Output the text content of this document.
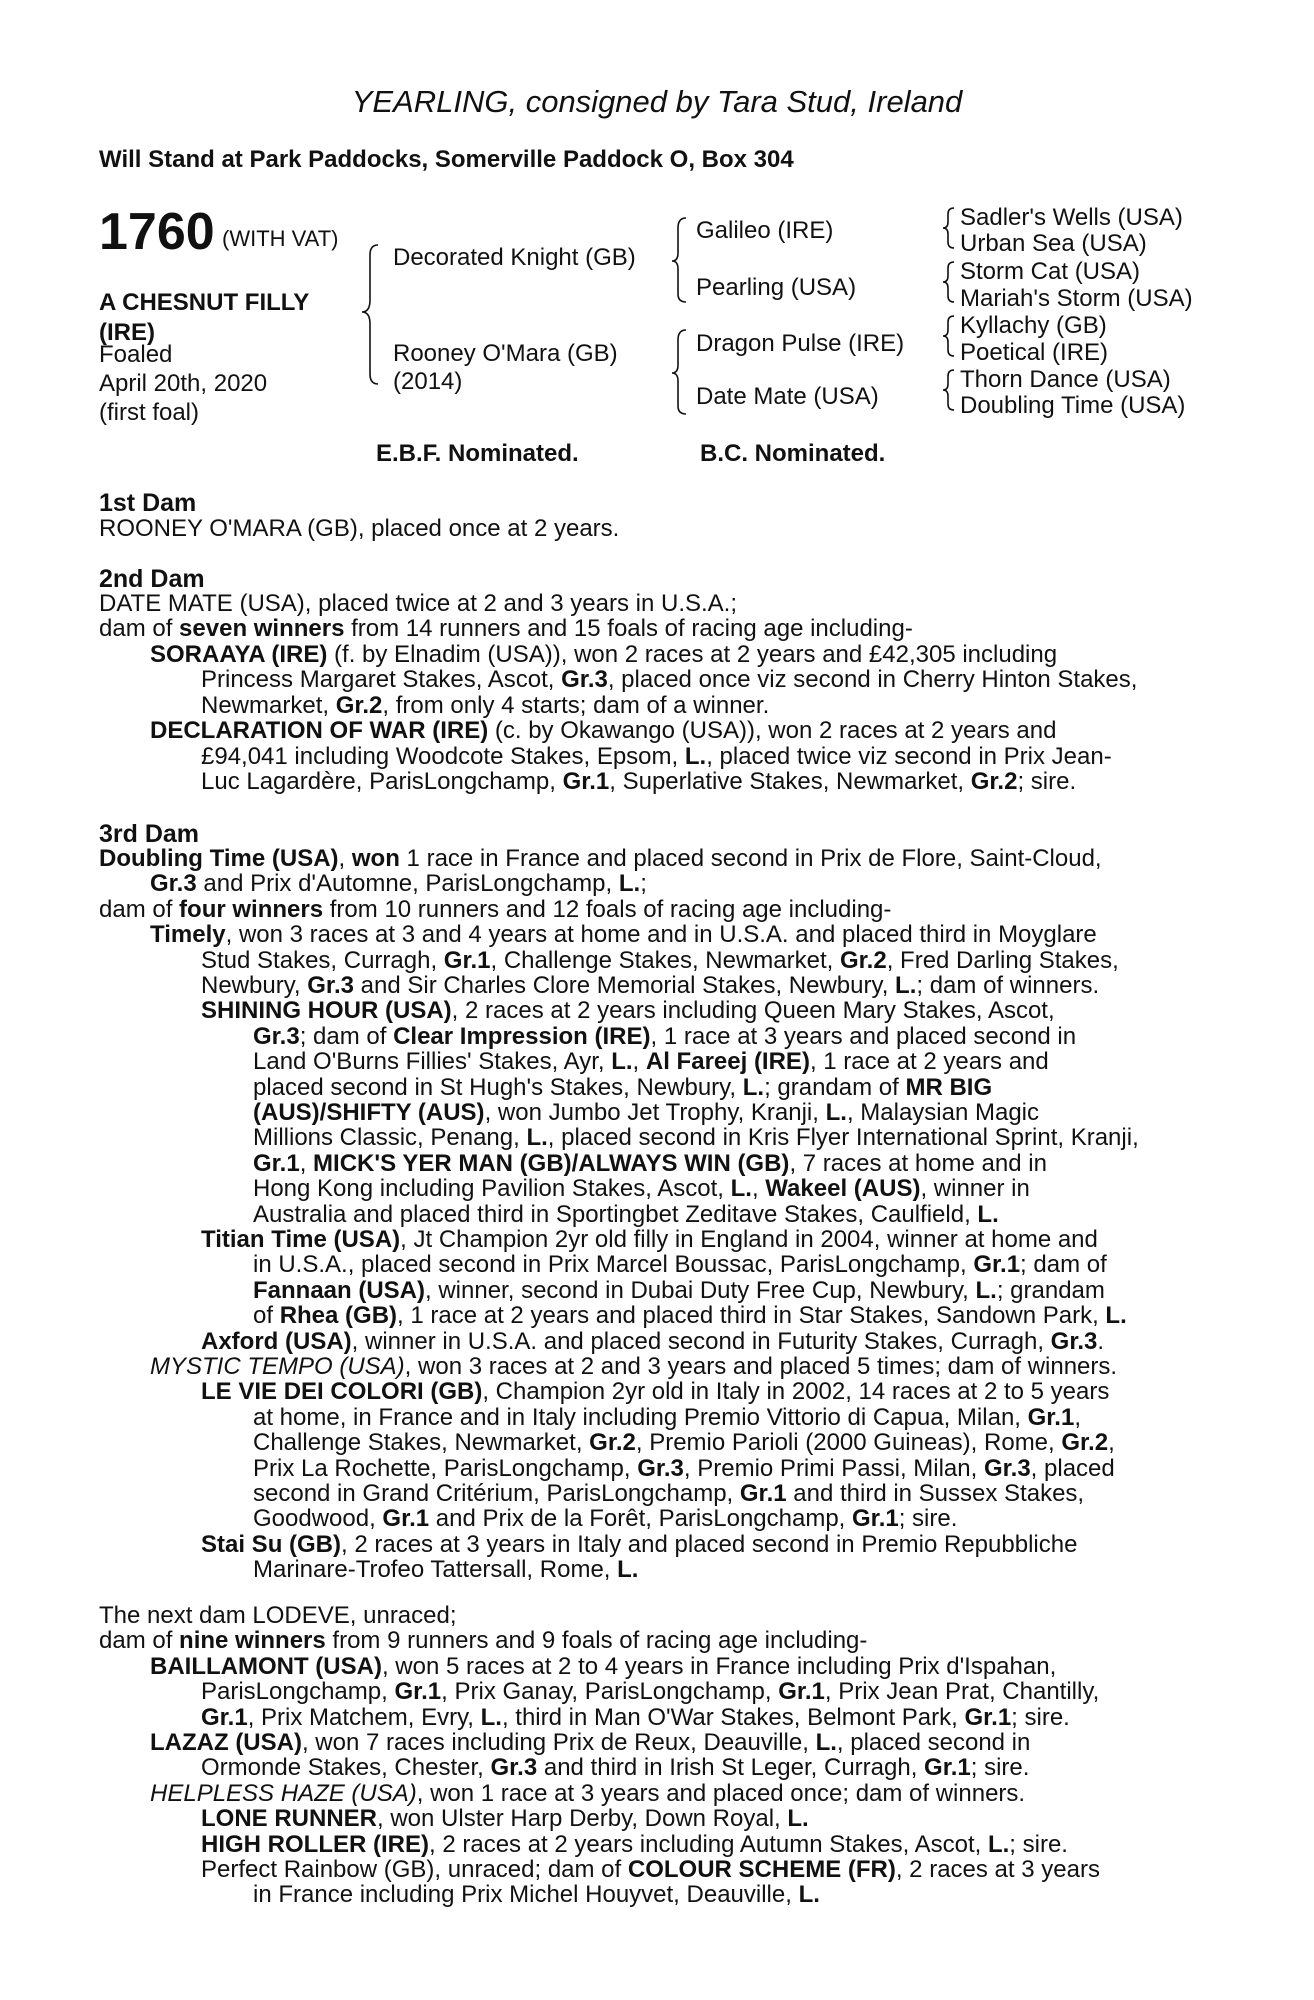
YEARLING, consigned by Tara Stud, Ireland
Will Stand at Park Paddocks, Somerville Paddock O, Box 304
1760 (WITH VAT)
A CHESNUT FILLY
(IRE)
Foaled
April 20th, 2020
(first foal)
Decorated Knight (GB)
Rooney O'Mara (GB)
(2014)
Galileo (IRE)
Pearling (USA)
Dragon Pulse (IRE)
Date Mate (USA)
Sadler's Wells (USA)
Urban Sea (USA)
Storm Cat (USA)
Mariah's Storm (USA)
Kyllachy (GB)
Poetical (IRE)
Thorn Dance (USA)
Doubling Time (USA)
E.B.F. Nominated.	B.C. Nominated.
1st Dam
ROONEY O'MARA (GB), placed once at 2 years.
2nd Dam

DATE MATE (USA), placed twice at 2 and 3 years in U.S.A.;

dam of seven winners from 14 runners and 15 foals of racing age including-

SORAAYA (IRE) (f. by Elnadim (USA)), won 2 races at 2 years and £42,305 including

Princess Margaret Stakes, Ascot, Gr.3, placed once viz second in Cherry Hinton Stakes,

Newmarket, Gr.2, from only 4 starts; dam of a winner.

DECLARATION OF WAR (IRE) (c. by Okawango (USA)), won 2 races at 2 years and

£94,041 including Woodcote Stakes, Epsom, L., placed twice viz second in Prix Jean-

Luc Lagardère, ParisLongchamp, Gr.1, Superlative Stakes, Newmarket, Gr.2; sire.

3rd Dam

Doubling Time (USA), won 1 race in France and placed second in Prix de Flore, Saint-Cloud,

Gr.3 and Prix d'Automne, ParisLongchamp, L.;

dam of four winners from 10 runners and 12 foals of racing age including-

Timely, won 3 races at 3 and 4 years at home and in U.S.A. and placed third in Moyglare

Stud Stakes, Curragh, Gr.1, Challenge Stakes, Newmarket, Gr.2, Fred Darling Stakes,

Newbury, Gr.3 and Sir Charles Clore Memorial Stakes, Newbury, L.; dam of winners.

SHINING HOUR (USA), 2 races at 2 years including Queen Mary Stakes, Ascot,

Gr.3; dam of Clear Impression (IRE), 1 race at 3 years and placed second in

Land O'Burns Fillies' Stakes, Ayr, L., Al Fareej (IRE), 1 race at 2 years and

placed second in St Hugh's Stakes, Newbury, L.; grandam of MR BIG

(AUS)/SHIFTY (AUS), won Jumbo Jet Trophy, Kranji, L., Malaysian Magic

Millions Classic, Penang, L., placed second in Kris Flyer International Sprint, Kranji,

Gr.1, MICK'S YER MAN (GB)/ALWAYS WIN (GB), 7 races at home and in

Hong Kong including Pavilion Stakes, Ascot, L., Wakeel (AUS), winner in

Australia and placed third in Sportingbet Zeditave Stakes, Caulfield, L.

Titian Time (USA), Jt Champion 2yr old filly in England in 2004, winner at home and

in U.S.A., placed second in Prix Marcel Boussac, ParisLongchamp, Gr.1; dam of

Fannaan (USA), winner, second in Dubai Duty Free Cup, Newbury, L.; grandam

of Rhea (GB), 1 race at 2 years and placed third in Star Stakes, Sandown Park, L.

Axford (USA), winner in U.S.A. and placed second in Futurity Stakes, Curragh, Gr.3.

MYSTIC TEMPO (USA), won 3 races at 2 and 3 years and placed 5 times; dam of winners.

LE VIE DEI COLORI (GB), Champion 2yr old in Italy in 2002, 14 races at 2 to 5 years

at home, in France and in Italy including Premio Vittorio di Capua, Milan, Gr.1,

Challenge Stakes, Newmarket, Gr.2, Premio Parioli (2000 Guineas), Rome, Gr.2,

Prix La Rochette, ParisLongchamp, Gr.3, Premio Primi Passi, Milan, Gr.3, placed

second in Grand Critérium, ParisLongchamp, Gr.1 and third in Sussex Stakes,

Goodwood, Gr.1 and Prix de la Forêt, ParisLongchamp, Gr.1; sire.

Stai Su (GB), 2 races at 3 years in Italy and placed second in Premio Repubbliche

Marinare-Trofeo Tattersall, Rome, L.

The next dam LODEVE, unraced;

dam of nine winners from 9 runners and 9 foals of racing age including-

BAILLAMONT (USA), won 5 races at 2 to 4 years in France including Prix d'Ispahan,

ParisLongchamp, Gr.1, Prix Ganay, ParisLongchamp, Gr.1, Prix Jean Prat, Chantilly,

Gr.1, Prix Matchem, Evry, L., third in Man O'War Stakes, Belmont Park, Gr.1; sire.

LAZAZ (USA), won 7 races including Prix de Reux, Deauville, L., placed second in

Ormonde Stakes, Chester, Gr.3 and third in Irish St Leger, Curragh, Gr.1; sire.

HELPLESS HAZE (USA), won 1 race at 3 years and placed once; dam of winners.

LONE RUNNER, won Ulster Harp Derby, Down Royal, L.

HIGH ROLLER (IRE), 2 races at 2 years including Autumn Stakes, Ascot, L.; sire.

Perfect Rainbow (GB), unraced; dam of COLOUR SCHEME (FR), 2 races at 3 years

in France including Prix Michel Houyvet, Deauville, L.
